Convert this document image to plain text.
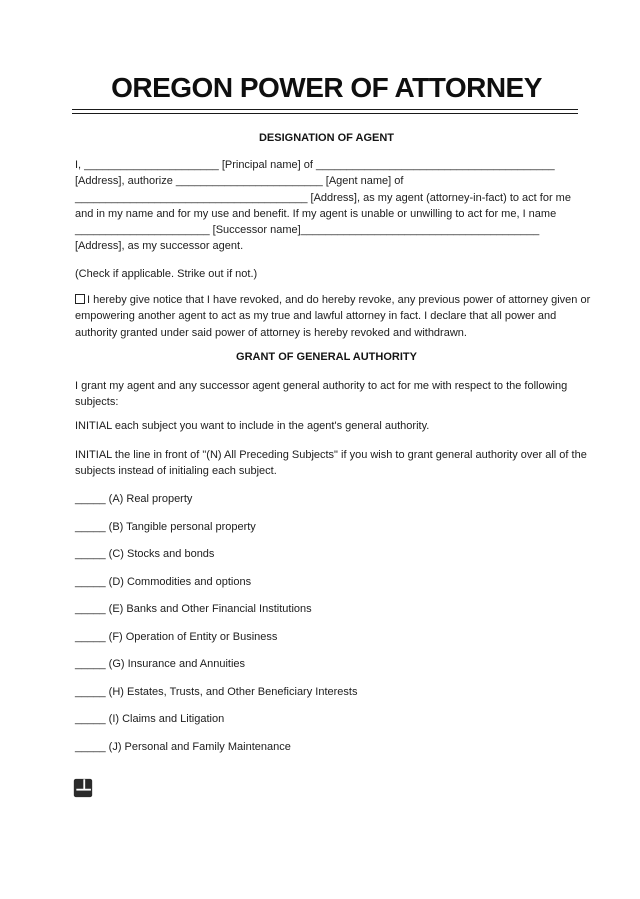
OREGON POWER OF ATTORNEY
DESIGNATION OF AGENT
I, ______________________ [Principal name] of _______________________________________
[Address], authorize ________________________ [Agent name] of
______________________________________ [Address], as my agent (attorney-in-fact) to act for me
and in my name and for my use and benefit. If my agent is unable or unwilling to act for me, I name
______________________ [Successor name]_______________________________________
[Address], as my successor agent.
(Check if applicable. Strike out if not.)
I hereby give notice that I have revoked, and do hereby revoke, any previous power of attorney given or
empowering another agent to act as my true and lawful attorney in fact. I declare that all power and
authority granted under said power of attorney is hereby revoked and withdrawn.
GRANT OF GENERAL AUTHORITY
I grant my agent and any successor agent general authority to act for me with respect to the following
subjects:
INITIAL each subject you want to include in the agent's general authority.
INITIAL the line in front of "(N) All Preceding Subjects" if you wish to grant general authority over all of the
subjects instead of initialing each subject.
_____ (A) Real property
_____ (B) Tangible personal property
_____ (C) Stocks and bonds
_____ (D) Commodities and options
_____ (E) Banks and Other Financial Institutions
_____ (F) Operation of Entity or Business
_____ (G) Insurance and Annuities
_____ (H) Estates, Trusts, and Other Beneficiary Interests
_____ (I) Claims and Litigation
_____ (J) Personal and Family Maintenance
